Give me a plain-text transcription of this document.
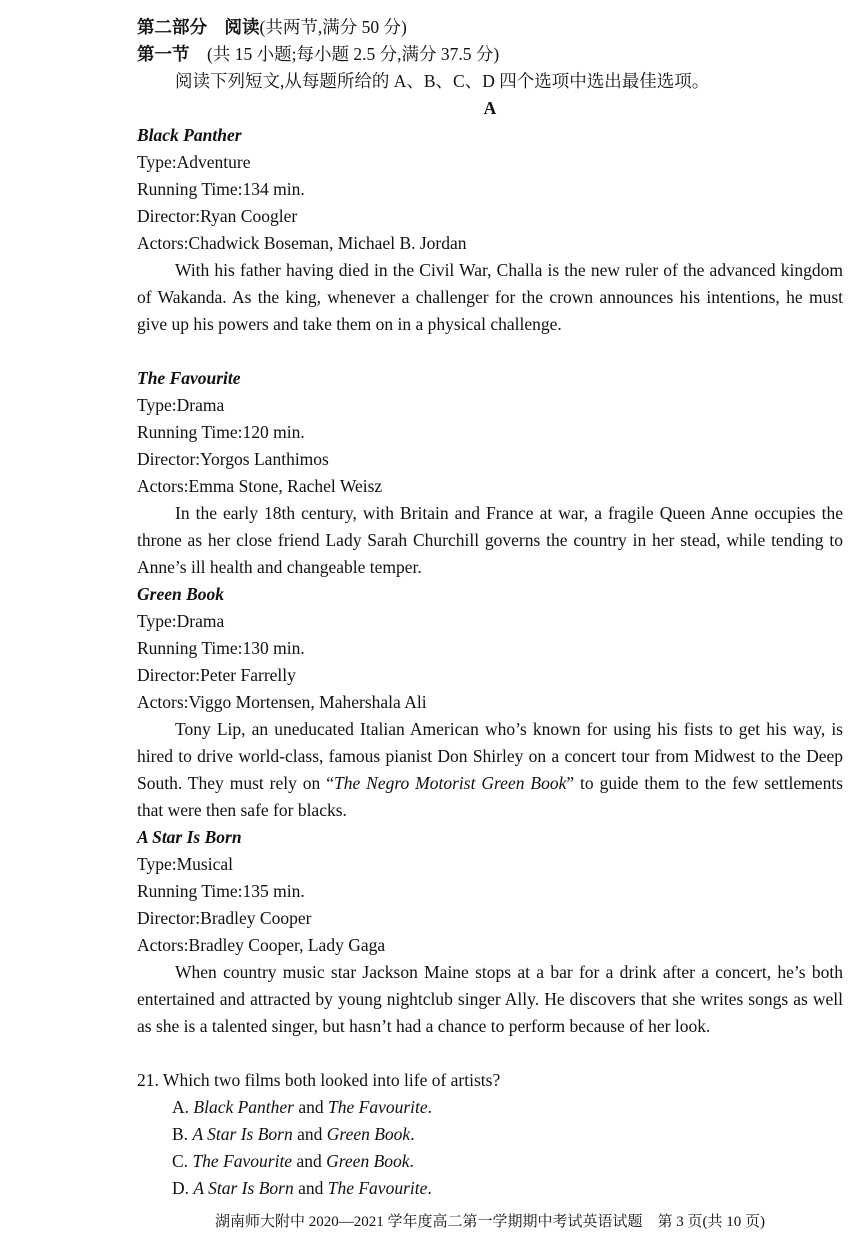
第二部分　阅读(共两节,满分 50 分)
第一节　(共 15 小题;每小题 2.5 分,满分 37.5 分)
阅读下列短文,从每题所给的 A、B、C、D 四个选项中选出最佳选项。
A
Black Panther
Type:Adventure
Running Time:134 min.
Director:Ryan Coogler
Actors:Chadwick Boseman, Michael B. Jordan
With his father having died in the Civil War, Challa is the new ruler of the advanced kingdom of Wakanda. As the king, whenever a challenger for the crown announces his intentions, he must give up his powers and take them on in a physical challenge.
The Favourite
Type:Drama
Running Time:120 min.
Director:Yorgos Lanthimos
Actors:Emma Stone, Rachel Weisz
In the early 18th century, with Britain and France at war, a fragile Queen Anne occupies the throne as her close friend Lady Sarah Churchill governs the country in her stead, while tending to Anne’s ill health and changeable temper.
Green Book
Type:Drama
Running Time:130 min.
Director:Peter Farrelly
Actors:Viggo Mortensen, Mahershala Ali
Tony Lip, an uneducated Italian American who’s known for using his fists to get his way, is hired to drive world-class, famous pianist Don Shirley on a concert tour from Midwest to the Deep South. They must rely on “The Negro Motorist Green Book” to guide them to the few settlements that were then safe for blacks.
A Star Is Born
Type:Musical
Running Time:135 min.
Director:Bradley Cooper
Actors:Bradley Cooper, Lady Gaga
When country music star Jackson Maine stops at a bar for a drink after a concert, he’s both entertained and attracted by young nightclub singer Ally. He discovers that she writes songs as well as she is a talented singer, but hasn’t had a chance to perform because of her look.
21. Which two films both looked into life of artists?
A. Black Panther and The Favourite.
B. A Star Is Born and Green Book.
C. The Favourite and Green Book.
D. A Star Is Born and The Favourite.
湖南师大附中 2020—2021 学年度高二第一学期期中考试英语试题　第 3 页(共 10 页)
